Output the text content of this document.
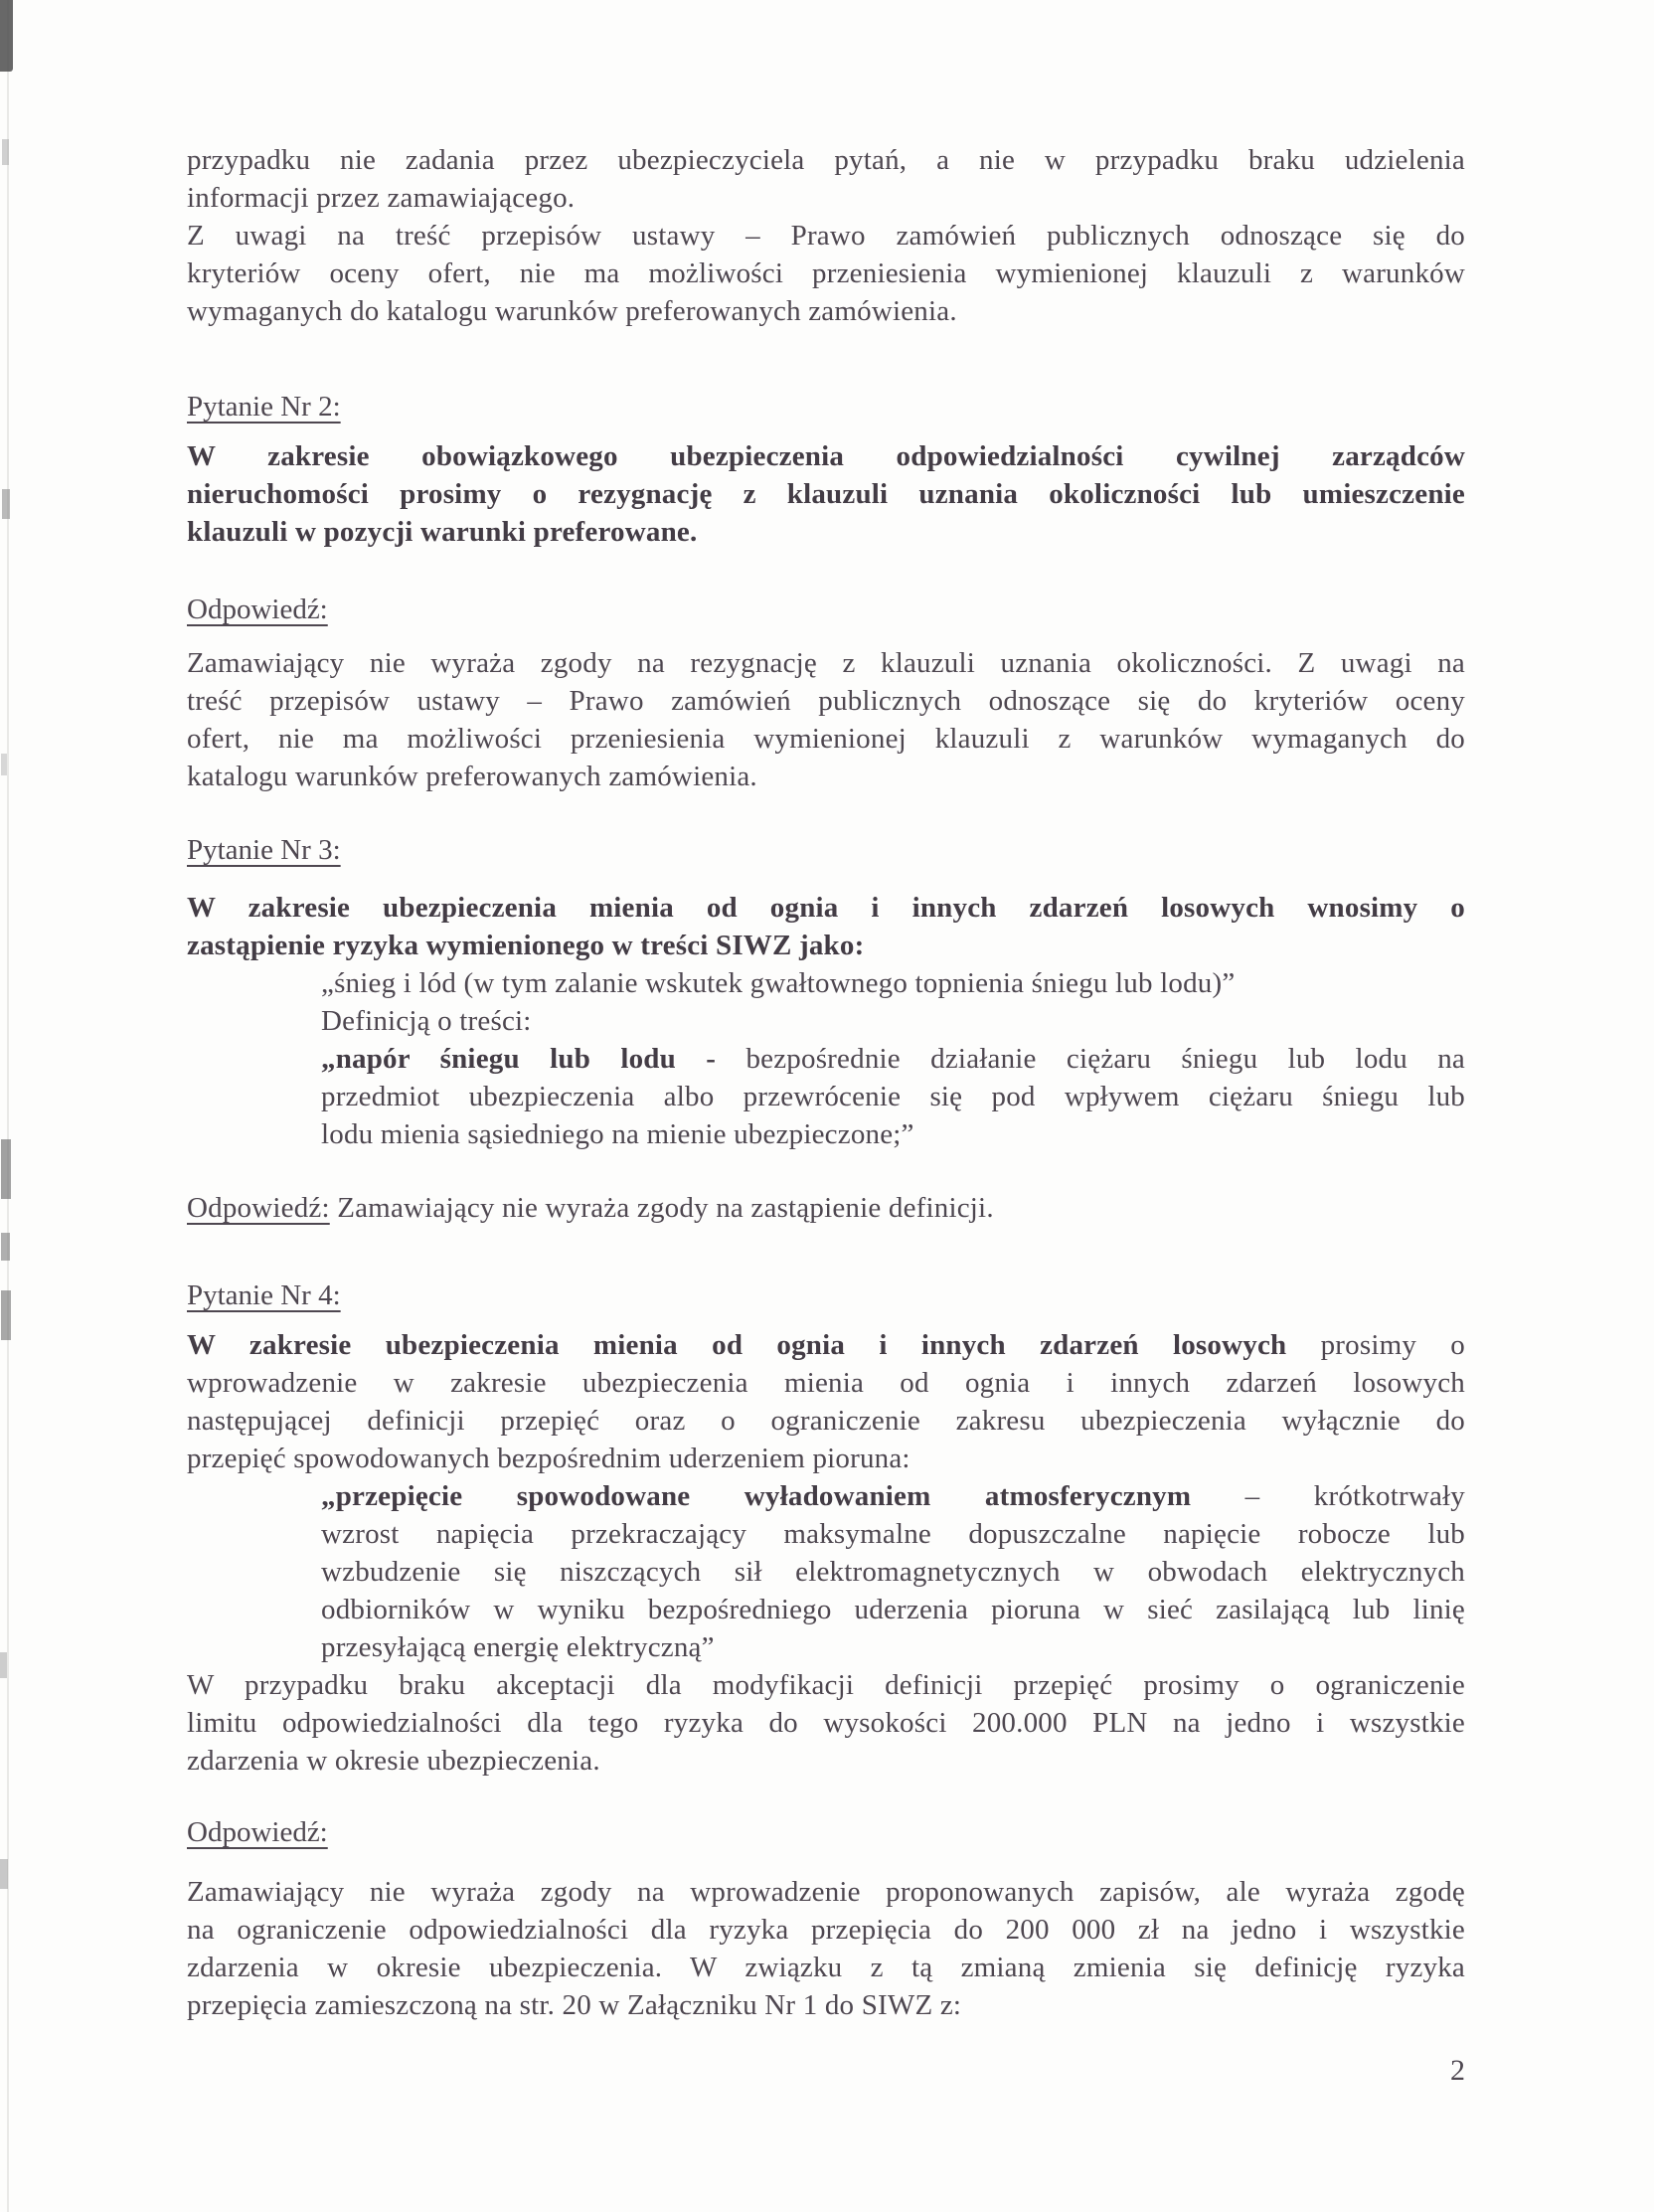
przypadku nie zadania przez ubezpieczyciela pytań, a nie w przypadku braku udzielenia
informacji przez zamawiającego.
Z uwagi na treść przepisów ustawy – Prawo zamówień publicznych odnoszące się do
kryteriów oceny ofert, nie ma możliwości przeniesienia wymienionej klauzuli z warunków
wymaganych do katalogu warunków preferowanych zamówienia.
Pytanie Nr 2:
W zakresie obowiązkowego ubezpieczenia odpowiedzialności cywilnej zarządców
nieruchomości prosimy o rezygnację z klauzuli uznania okoliczności lub umieszczenie
klauzuli w pozycji warunki preferowane.
Odpowiedź:
Zamawiający nie wyraża zgody na rezygnację z klauzuli uznania okoliczności. Z uwagi na
treść przepisów ustawy – Prawo zamówień publicznych odnoszące się do kryteriów oceny
ofert, nie ma możliwości przeniesienia wymienionej klauzuli z warunków wymaganych do
katalogu warunków preferowanych zamówienia.
Pytanie Nr 3:
W zakresie ubezpieczenia mienia od ognia i innych zdarzeń losowych wnosimy o
zastąpienie ryzyka wymienionego w treści SIWZ jako:
„śnieg i lód (w tym zalanie wskutek gwałtownego topnienia śniegu lub lodu)”
Definicją o treści:
„napór śniegu lub lodu - bezpośrednie działanie ciężaru śniegu lub lodu na
przedmiot ubezpieczenia albo przewrócenie się pod wpływem ciężaru śniegu lub
lodu mienia sąsiedniego na mienie ubezpieczone;”
Odpowiedź: Zamawiający nie wyraża zgody na zastąpienie definicji.
Pytanie Nr 4:
W zakresie ubezpieczenia mienia od ognia i innych zdarzeń losowych prosimy o
wprowadzenie w zakresie ubezpieczenia mienia od ognia i innych zdarzeń losowych
następującej definicji przepięć oraz o ograniczenie zakresu ubezpieczenia wyłącznie do
przepięć spowodowanych bezpośrednim uderzeniem pioruna:
„przepięcie spowodowane wyładowaniem atmosferycznym – krótkotrwały
wzrost napięcia przekraczający maksymalne dopuszczalne napięcie robocze lub
wzbudzenie się niszczących sił elektromagnetycznych w obwodach elektrycznych
odbiorników w wyniku bezpośredniego uderzenia pioruna w sieć zasilającą lub linię
przesyłającą energię elektryczną”
W przypadku braku akceptacji dla modyfikacji definicji przepięć prosimy o ograniczenie
limitu odpowiedzialności dla tego ryzyka do wysokości 200.000 PLN na jedno i wszystkie
zdarzenia w okresie ubezpieczenia.
Odpowiedź:
Zamawiający nie wyraża zgody na wprowadzenie proponowanych zapisów, ale wyraża zgodę
na ograniczenie odpowiedzialności dla ryzyka przepięcia do 200 000 zł na jedno i wszystkie
zdarzenia w okresie ubezpieczenia. W związku z tą zmianą zmienia się definicję ryzyka
przepięcia zamieszczoną na str. 20 w Załączniku Nr 1 do SIWZ z:
2
